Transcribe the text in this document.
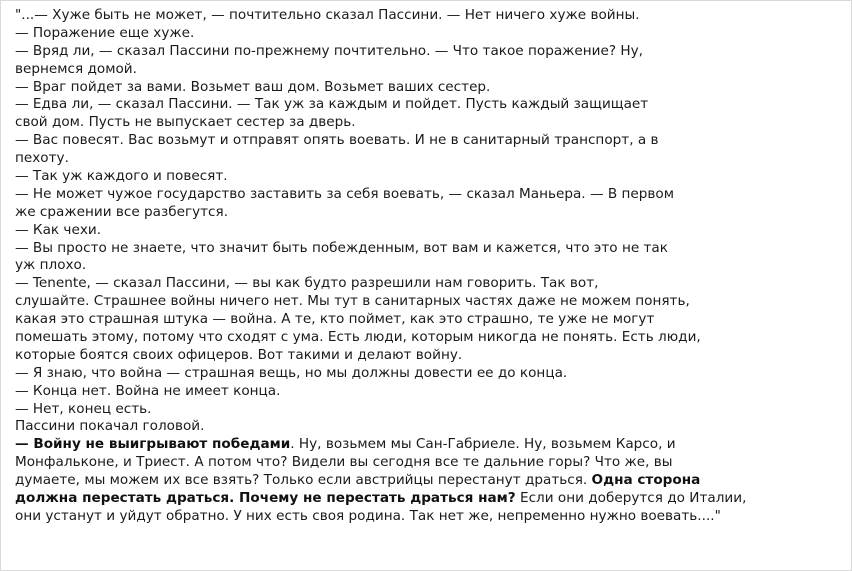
"...— Хуже быть не может, — почтительно сказал Пассини. — Нет ничего хуже войны.
— Поражение еще хуже.
— Вряд ли, — сказал Пассини по-прежнему почтительно. — Что такое поражение? Ну,
вернемся домой.
— Враг пойдет за вами. Возьмет ваш дом. Возьмет ваших сестер.
— Едва ли, — сказал Пассини. — Так уж за каждым и пойдет. Пусть каждый защищает
свой дом. Пусть не выпускает сестер за дверь.
— Вас повесят. Вас возьмут и отправят опять воевать. И не в санитарный транспорт, а в
пехоту.
— Так уж каждого и повесят.
— Не может чужое государство заставить за себя воевать, — сказал Маньера. — В первом
же сражении все разбегутся.
— Как чехи.
— Вы просто не знаете, что значит быть побежденным, вот вам и кажется, что это не так
уж плохо.
— Tenente, — сказал Пассини, — вы как будто разрешили нам говорить. Так вот,
слушайте. Страшнее войны ничего нет. Мы тут в санитарных частях даже не можем понять,
какая это страшная штука — война. А те, кто поймет, как это страшно, те уже не могут
помешать этому, потому что сходят с ума. Есть люди, которым никогда не понять. Есть люди,
которые боятся своих офицеров. Вот такими и делают войну.
— Я знаю, что война — страшная вещь, но мы должны довести ее до конца.
— Конца нет. Война не имеет конца.
— Нет, конец есть.
Пассини покачал головой.
— Войну не выигрывают победами. Ну, возьмем мы Сан-Габриеле. Ну, возьмем Карсо, и
Монфальконе, и Триест. А потом что? Видели вы сегодня все те дальние горы? Что же, вы
думаете, мы можем их все взять? Только если австрийцы перестанут драться. Одна сторона
должна перестать драться. Почему не перестать драться нам? Если они доберутся до Италии,
они устанут и уйдут обратно. У них есть своя родина. Так нет же, непременно нужно воевать...."
